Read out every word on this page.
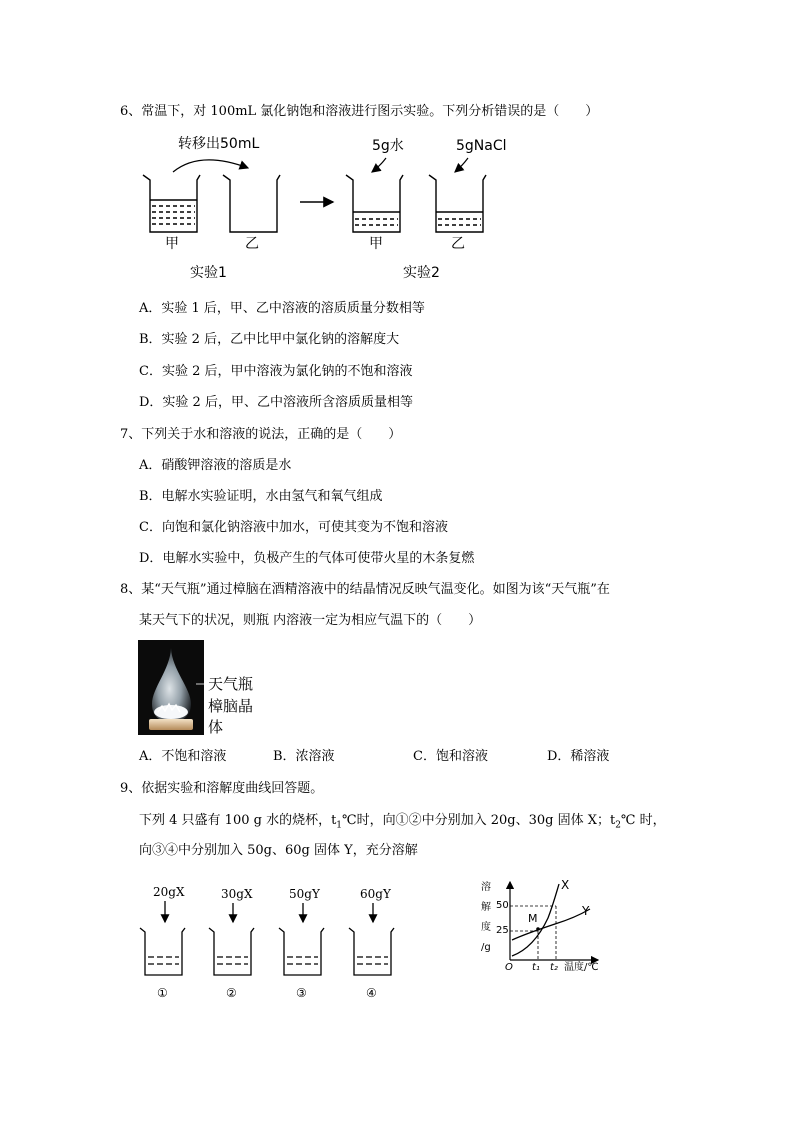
6、常温下，对 100mL 氯化钠饱和溶液进行图示实验。下列分析错误的是（　　）
转移出50mL	5g水	5gNaCl
甲	乙	甲	乙
实验1	实验2
A．实验 1 后，甲、乙中溶液的溶质质量分数相等
B．实验 2 后，乙中比甲中氯化钠的溶解度大
C．实验 2 后，甲中溶液为氯化钠的不饱和溶液
D．实验 2 后，甲、乙中溶液所含溶质质量相等
7、下列关于水和溶液的说法，正确的是（　　）
A．硝酸钾溶液的溶质是水
B．电解水实验证明，水由氢气和氧气组成
C．向饱和氯化钠溶液中加水，可使其变为不饱和溶液
D．电解水实验中，负极产生的气体可使带火星的木条复燃
8、某“天气瓶”通过樟脑在酒精溶液中的结晶情况反映气温变化。如图为该“天气瓶”在
某天气下的状况，则瓶 内溶液一定为相应气温下的（　　）
天气瓶
樟脑晶
体
A．不饱和溶液	B．浓溶液	C．饱和溶液	D．稀溶液
9、依据实验和溶解度曲线回答题。
下列 4 只盛有 100 g 水的烧杯，$t_1℃$时，向①②中分别加入 20g、30g 固体 X；$t_2℃$ 时，
向③④中分别加入 50g、60g 固体 Y，充分溶解
20gX	30gX	50gY	60gY
①	②	③	④
溶
解
度
/g
50
25
O t₁ t₂ 温度/℃
X
Y
M
